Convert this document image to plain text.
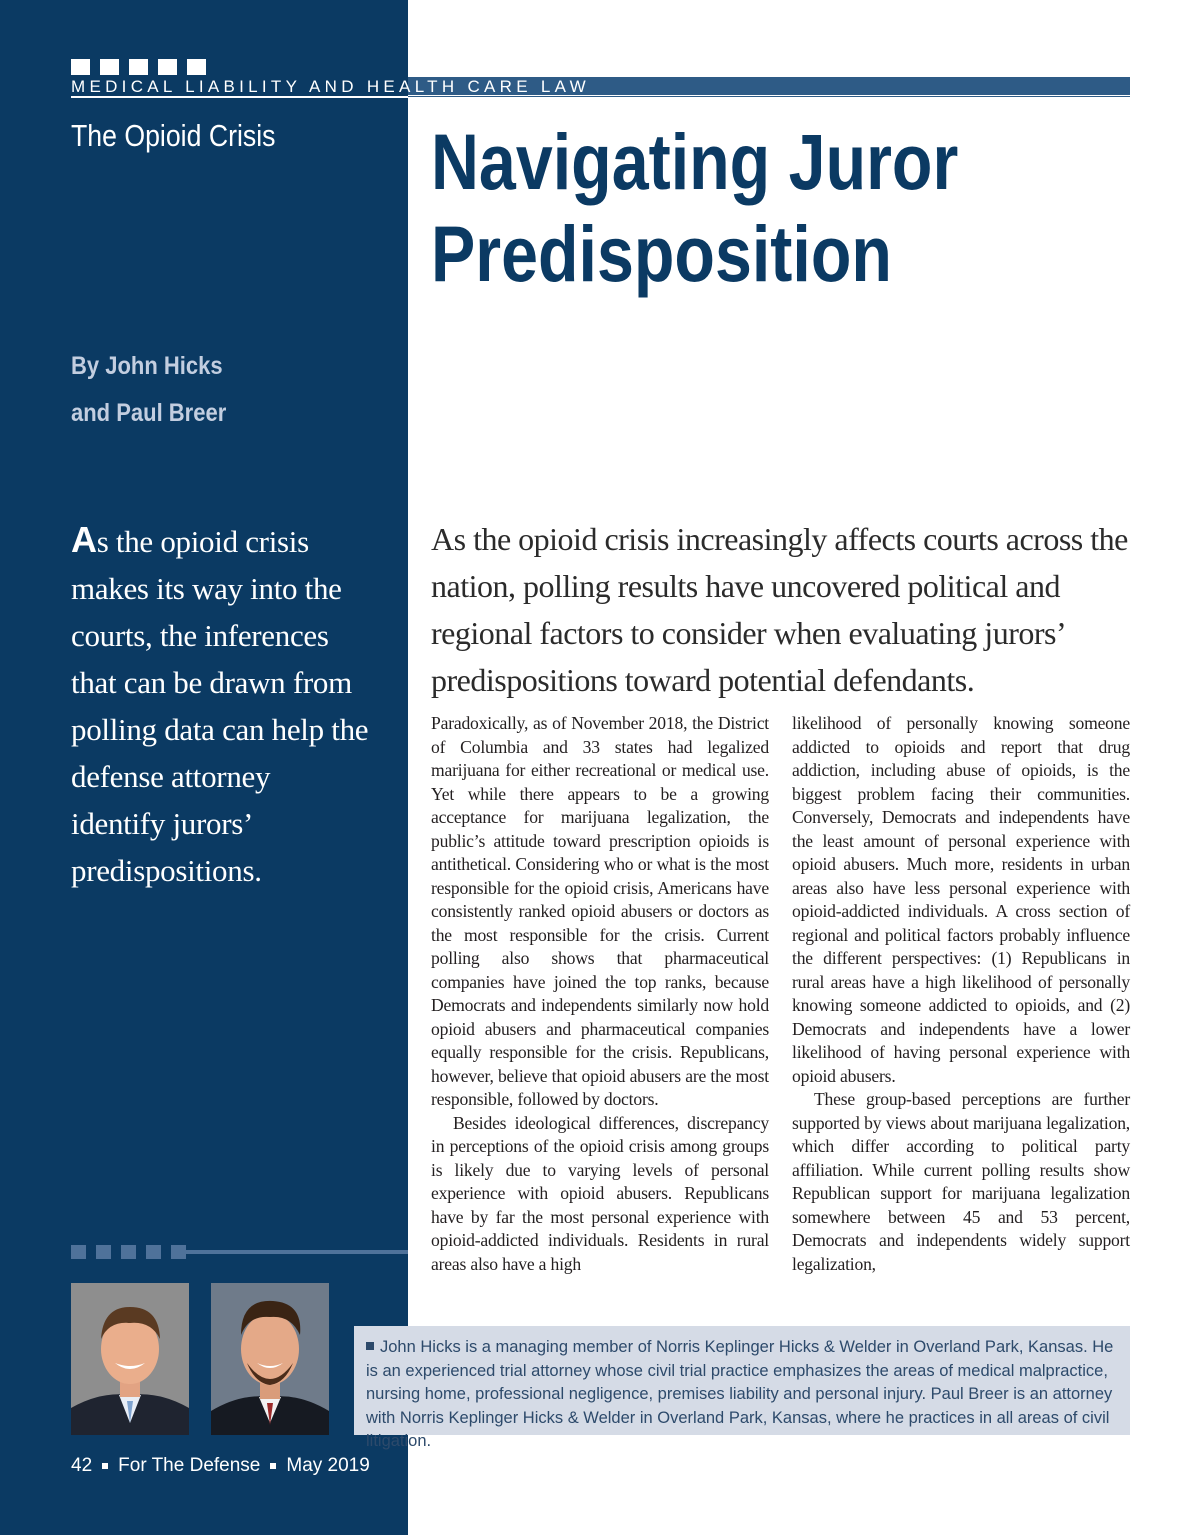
MEDICAL LIABILITY AND HEALTH CARE LAW
The Opioid Crisis Navigating Juror
Predisposition
By John Hicks
and Paul Breer
As the opioid crisis makes its way into the courts, the inferences that can be drawn from polling data can help the defense attorney identify jurors’ predispositions.
As the opioid crisis increasingly affects courts across the nation, polling results have uncovered political and regional factors to consider when evaluating jurors’ predispositions toward potential defendants.

Paradoxically, as of November 2018, the District of Columbia and 33 states had legalized marijuana for either recreational or medical use. Yet while there appears to be a growing acceptance for marijuana legalization, the public’s attitude toward prescription opioids is antithetical. Considering who or what is the most responsible for the opioid crisis, Americans have consistently ranked opioid abusers or doctors as the most responsible for the crisis. Current polling also shows that pharmaceutical companies have joined the top ranks, because Democrats and independents similarly now hold opioid abusers and pharmaceutical companies equally responsible for the crisis. Republicans, however, believe that opioid abusers are the most responsible, followed by doctors.

Besides ideological differences, discrepancy in perceptions of the opioid crisis among groups is likely due to varying levels of personal experience with opioid abusers. Republicans have by far the most personal experience with opioid-addicted individuals. Residents in rural areas also have a high

likelihood of personally knowing someone addicted to opioids and report that drug addiction, including abuse of opioids, is the biggest problem facing their communities. Conversely, Democrats and independents have the least amount of personal experience with opioid abusers. Much more, residents in urban areas also have less personal experience with opioid-addicted individuals. A cross section of regional and political factors probably influence the different perspectives: (1) Republicans in rural areas have a high likelihood of personally knowing someone addicted to opioids, and (2) Democrats and independents have a lower likelihood of having personal experience with opioid abusers.

These group-based perceptions are further supported by views about marijuana legalization, which differ according to political party affiliation. While current polling results show Republican support for marijuana legalization somewhere between 45 and 53 percent, Democrats and independents widely support legalization,

John Hicks is a managing member of Norris Keplinger Hicks & Welder in Overland Park, Kansas. He is an experienced trial attorney whose civil trial practice emphasizes the areas of medical malpractice, nursing home, professional negligence, premises liability and personal injury. Paul Breer is an attorney with Norris Keplinger Hicks & Welder in Overland Park, Kansas, where he practices in all areas of civil litigation.
42 For The Defense May 2019
